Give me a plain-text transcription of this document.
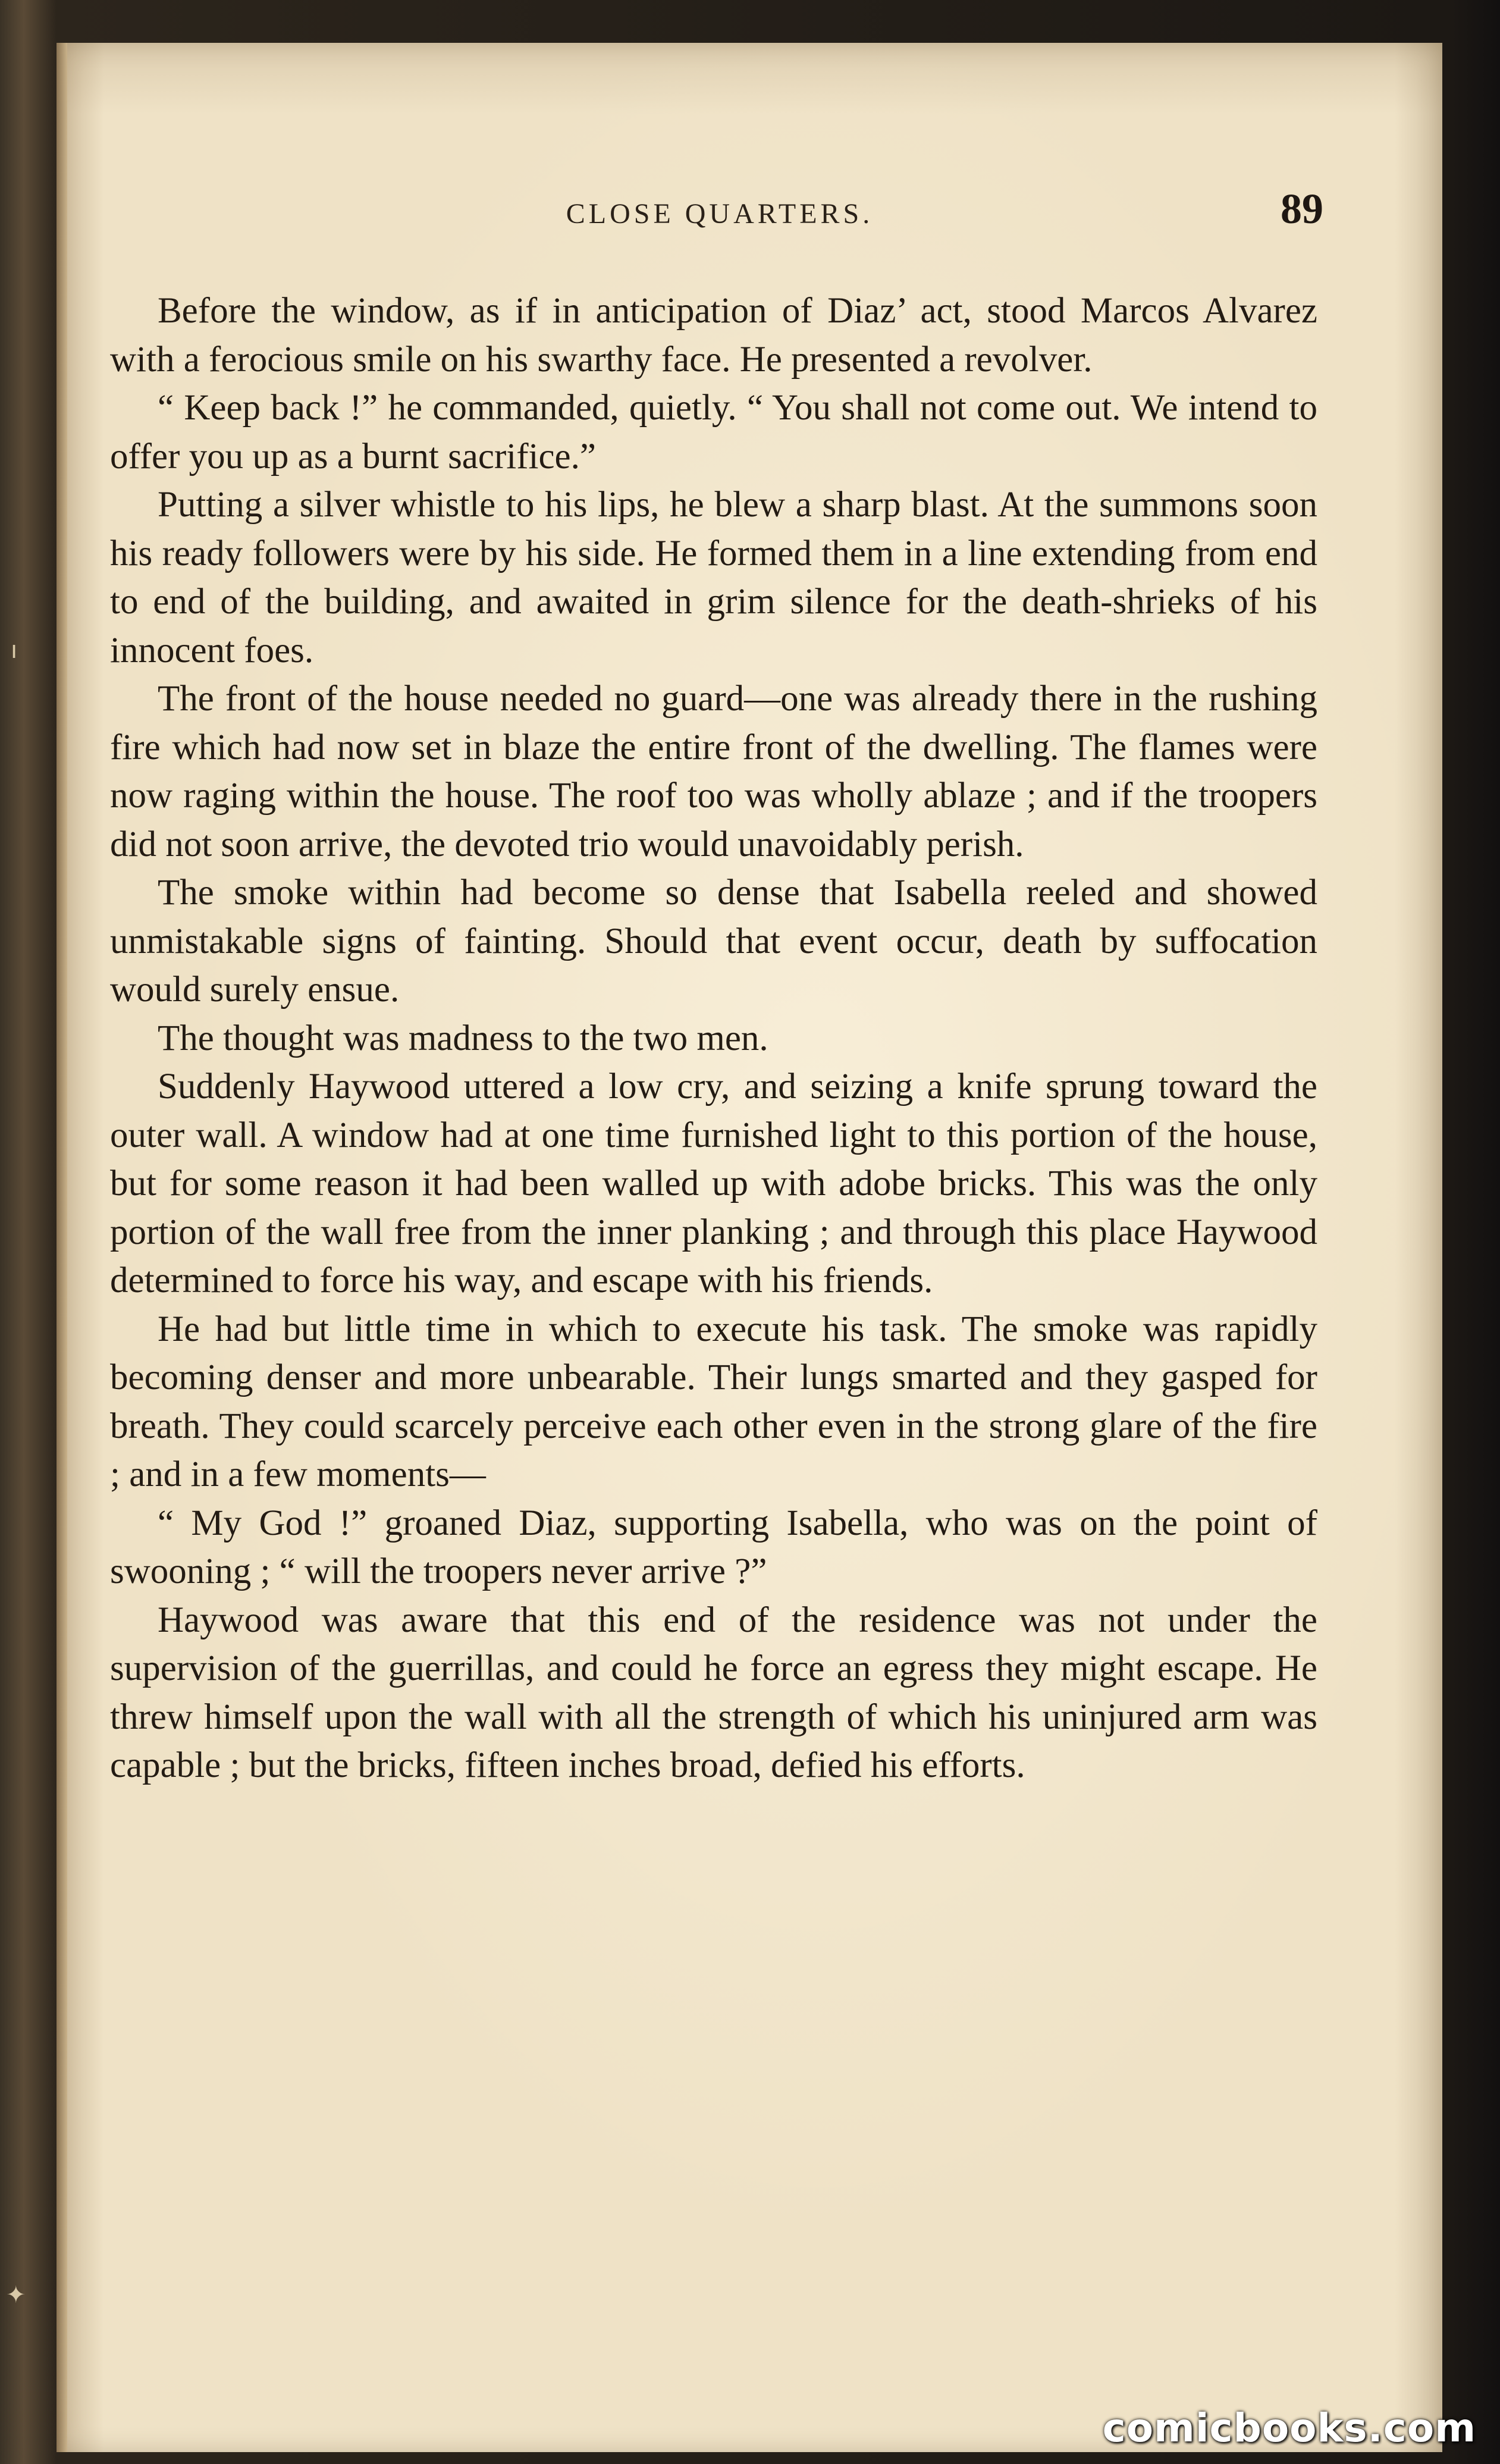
CLOSE QUARTERS.	89

Before the window, as if in anticipation of Diaz’ act, stood Marcos Alvarez with a ferocious smile on his swarthy face. He presented a revolver.

“ Keep back !” he commanded, quietly. “ You shall not come out. We intend to offer you up as a burnt sacrifice.”

Putting a silver whistle to his lips, he blew a sharp blast. At the summons soon his ready followers were by his side. He formed them in a line extending from end to end of the building, and awaited in grim silence for the death-shrieks of his innocent foes.

The front of the house needed no guard—one was already there in the rushing fire which had now set in blaze the entire front of the dwelling. The flames were now raging within the house. The roof too was wholly ablaze ; and if the troopers did not soon arrive, the devoted trio would unavoidably perish.

The smoke within had become so dense that Isabella reeled and showed unmistakable signs of fainting. Should that event occur, death by suffocation would surely ensue.

The thought was madness to the two men.

Suddenly Haywood uttered a low cry, and seizing a knife sprung toward the outer wall. A window had at one time furnished light to this portion of the house, but for some reason it had been walled up with adobe bricks. This was the only portion of the wall free from the inner planking ; and through this place Haywood determined to force his way, and escape with his friends.

He had but little time in which to execute his task. The smoke was rapidly becoming denser and more unbearable. Their lungs smarted and they gasped for breath. They could scarcely perceive each other even in the strong glare of the fire ; and in a few moments—

“ My God !” groaned Diaz, supporting Isabella, who was on the point of swooning ; “ will the troopers never arrive ?”

Haywood was aware that this end of the residence was not under the supervision of the guerrillas, and could he force an egress they might escape. He threw himself upon the wall with all the strength of which his uninjured arm was capable ; but the bricks, fifteen inches broad, defied his efforts.

ı
✦
comicbooks.com
